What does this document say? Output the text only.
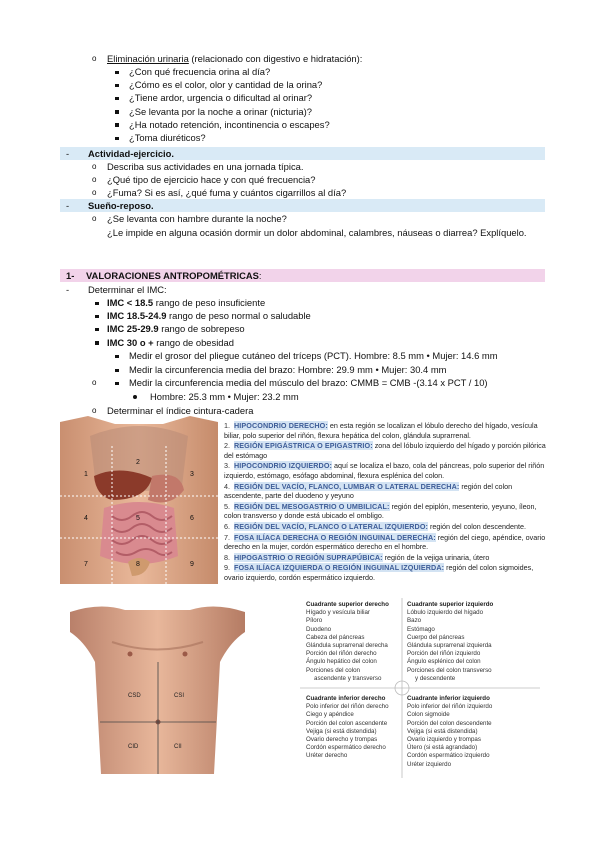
o Eliminación urinaria (relacionado con digestivo e hidratación):
- Actividad-ejercicio.
- Sueño-reposo.
1- VALORACIONES ANTROPOMÉTRICAS:
- Determinar el IMC:
Hombre: 25.3 mm • Mujer: 23.2 mm
o
Determinar el índice cintura-cadera
1
2
3
4	5	6
7	8	9
1. HIPOCONDRIO DERECHO: en esta región se localizan el lóbulo derecho del hígado, vesícula biliar, polo superior del riñón, flexura hepática del colon, glándula suprarrenal.
2. REGIÓN EPIGÁSTRICA O EPIGASTRIO: zona del lóbulo izquierdo del hígado y porción pilórica del estómago
3. HIPOCONDRIO IZQUIERDO: aquí se localiza el bazo, cola del páncreas, polo superior del riñón izquierdo, estómago, esófago abdominal, flexura esplénica del colon.
4. REGIÓN DEL VACÍO, FLANCO, LUMBAR O LATERAL DERECHA: región del colon ascendente, parte del duodeno y yeyuno
5. REGIÓN DEL MESOGASTRIO O UMBILICAL: región del epiplón, mesenterio, yeyuno, íleon, colon transverso y donde está ubicado el ombligo.
6. REGIÓN DEL VACÍO, FLANCO O LATERAL IZQUIERDO: región del colon descendente.
7. FOSA ILÍACA DERECHA O REGIÓN INGUINAL DERECHA: región del ciego, apéndice, ovario derecho en la mujer, cordón espermático derecho en el hombre.
8. HIPOGASTRIO O REGIÓN SUPRAPÚBICA: región de la vejiga urinaria, útero
9. FOSA ILÍACA IZQUIERDA O REGIÓN INGUINAL IZQUIERDA: región del colon sigmoides, ovario izquierdo, cordón espermático izquierdo.
CSD	CSI
CID	CII
Cuadrante superior derecho
Hígado y vesícula biliar
Píloro
Duodeno
Cabeza del páncreas
Glándula suprarrenal derecha
Porción del riñón derecho
Ángulo hepático del colon
Porciones del colon
ascendente y transverso
Cuadrante superior izquierdo
Lóbulo izquierdo del hígado
Bazo
Estómago
Cuerpo del páncreas
Glándula suprarrenal izquierda
Porción del riñón izquierdo
Ángulo esplénico del colon
Porciones del colon transverso
y descendente
Cuadrante inferior derecho
Polo inferior del riñón derecho
Ciego y apéndice
Porción del colon ascendente
Vejiga (si está distendida)
Ovario derecho y trompas
Cordón espermático derecho
Uréter derecho
Cuadrante inferior izquierdo
Polo inferior del riñón izquierdo
Colon sigmoide
Porción del colon descendente
Vejiga (si está distendida)
Ovario izquierdo y trompas
Útero (si está agrandado)
Cordón espermático izquierdo
Uréter izquierdo
¿Con qué frecuencia orina al día?
¿Cómo es el color, olor y cantidad de la orina?
¿Tiene ardor, urgencia o dificultad al orinar?
¿Se levanta por la noche a orinar (nicturia)?
¿Ha notado retención, incontinencia o escapes?
¿Toma diuréticos?
o Describa sus actividades en una jornada típica.
o ¿Qué tipo de ejercicio hace y con qué frecuencia?
o ¿Fuma? Si es así, ¿qué fuma y cuántos cigarrillos al día?
o ¿Se levanta con hambre durante la noche?
o
¿Le impide en alguna ocasión dormir un dolor abdominal, calambres, náuseas o diarrea? Explíquelo.
IMC < 18.5 rango de peso insuficiente
IMC 18.5-24.9 rango de peso normal o saludable
IMC 25-29.9 rango de sobrepeso
IMC 30 o + rango de obesidad
Medir el grosor del pliegue cutáneo del tríceps (PCT). Hombre: 8.5 mm • Mujer: 14.6 mm
Medir la circunferencia media del brazo: Hombre: 29.9 mm • Mujer: 30.4 mm
Medir la circunferencia media del músculo del brazo: CMMB = CMB -(3.14 x PCT / 10)
